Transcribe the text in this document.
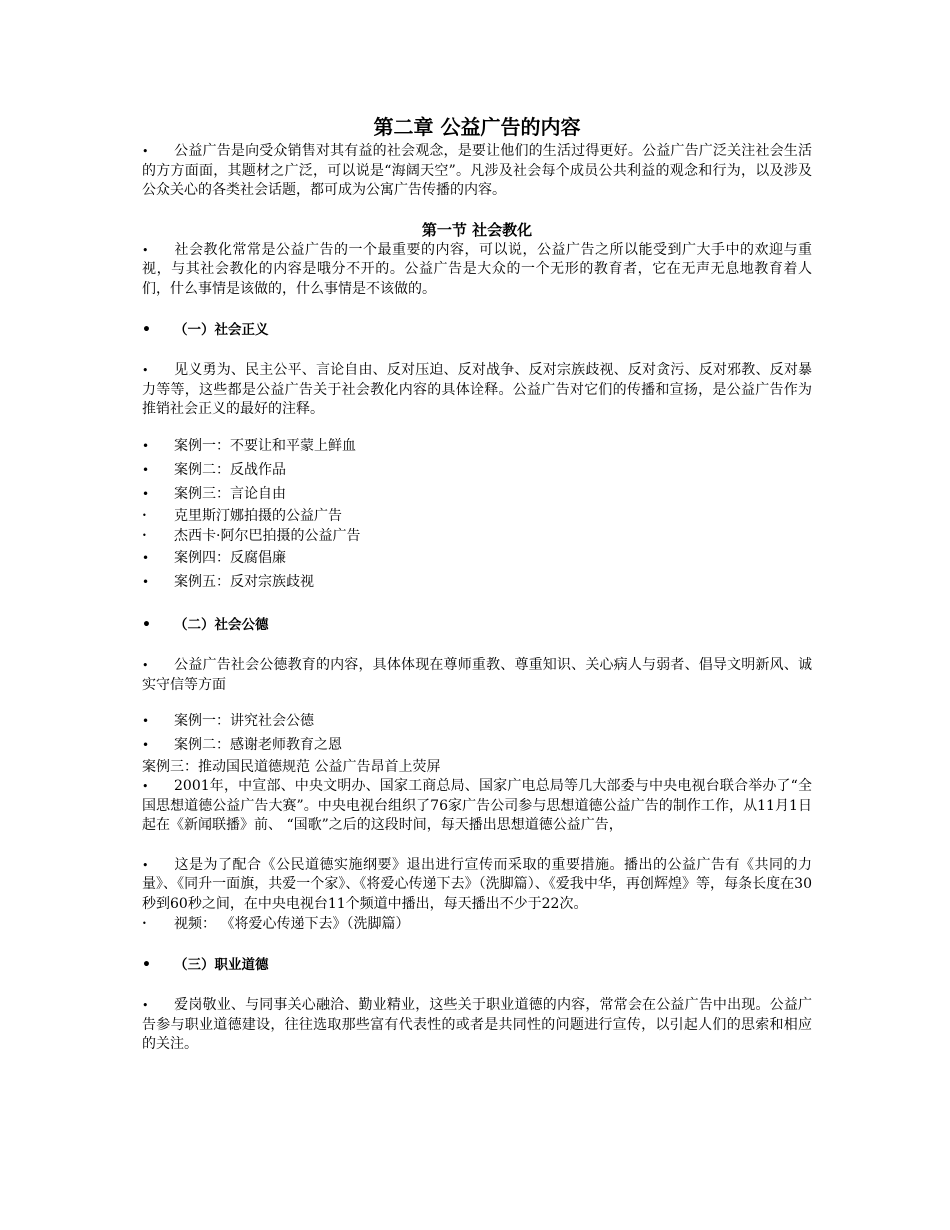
第二章 公益广告的内容

• 公益广告是向受众销售对其有益的社会观念，是要让他们的生活过得更好。公益广告广泛关注社会生活的方方面面，其题材之广泛，可以说是“海阔天空”。凡涉及社会每个成员公共利益的观念和行为，以及涉及公众关心的各类社会话题，都可成为公寓广告传播的内容。

第一节 社会教化

• 社会教化常常是公益广告的一个最重要的内容，可以说，公益广告之所以能受到广大手中的欢迎与重视，与其社会教化的内容是哦分不开的。公益广告是大众的一个无形的教育者，它在无声无息地教育着人们，什么事情是该做的，什么事情是不该做的。

• （一）社会正义

• 见义勇为、民主公平、言论自由、反对压迫、反对战争、反对宗族歧视、反对贪污、反对邪教、反对暴力等等，这些都是公益广告关于社会教化内容的具体诠释。公益广告对它们的传播和宣扬，是公益广告作为推销社会正义的最好的注释。

• 案例一：不要让和平蒙上鲜血

• 案例二：反战作品

• 案例三：言论自由

• 克里斯汀娜拍摄的公益广告

• 杰西卡·阿尔巴拍摄的公益广告

• 案例四：反腐倡廉

• 案例五：反对宗族歧视

• （二）社会公德

• 公益广告社会公德教育的内容，具体体现在尊师重教、尊重知识、关心病人与弱者、倡导文明新风、诚实守信等方面

• 案例一：讲究社会公德

• 案例二：感谢老师教育之恩

案例三：推动国民道德规范 公益广告昂首上荧屏

• 2001年，中宣部、中央文明办、国家工商总局、国家广电总局等几大部委与中央电视台联合举办了“全国思想道德公益广告大赛”。中央电视台组织了76家广告公司参与思想道德公益广告的制作工作，从11月1日起在《新闻联播》前、 “国歌”之后的这段时间，每天播出思想道德公益广告，

• 这是为了配合《公民道德实施纲要》退出进行宣传而采取的重要措施。播出的公益广告有《共同的力量》、《同升一面旗，共爱一个家》、《将爱心传递下去》（洗脚篇）、《爱我中华，再创辉煌》等，每条长度在30秒到60秒之间，在中央电视台11个频道中播出，每天播出不少于22次。

• 视频： 《将爱心传递下去》（洗脚篇）

• （三）职业道德

• 爱岗敬业、与同事关心融洽、勤业精业，这些关于职业道德的内容，常常会在公益广告中出现。公益广告参与职业道德建设，往往选取那些富有代表性的或者是共同性的问题进行宣传，以引起人们的思索和相应的关注。
